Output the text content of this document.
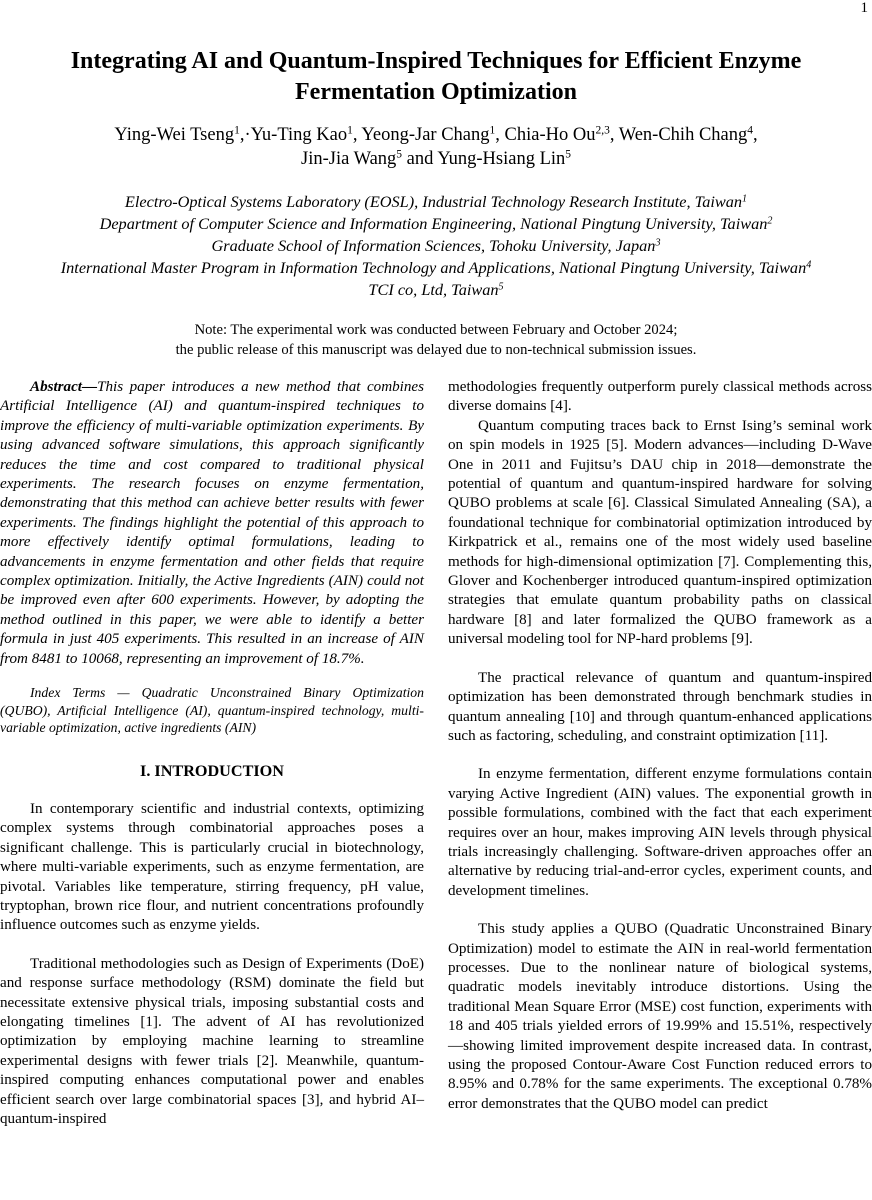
1
Integrating AI and Quantum-Inspired Techniques for Efficient Enzyme Fermentation Optimization
Ying-Wei Tseng$^1$,·Yu-Ting Kao$^1$, Yeong-Jar Chang$^1$, Chia-Ho Ou$^{2,3}$, Wen-Chih Chang$^4$,
Jin-Jia Wang$^5$ and Yung-Hsiang Lin$^5$
Electro-Optical Systems Laboratory (EOSL), Industrial Technology Research Institute, Taiwan$^1$
Department of Computer Science and Information Engineering, National Pingtung University, Taiwan$^2$
Graduate School of Information Sciences, Tohoku University, Japan$^3$
International Master Program in Information Technology and Applications, National Pingtung University, Taiwan$^4$
TCI co, Ltd, Taiwan$^5$
Note: The experimental work was conducted between February and October 2024;
the public release of this manuscript was delayed due to non-technical submission issues.

Abstract—This paper introduces a new method that combines Artificial Intelligence (AI) and quantum-inspired techniques to improve the efficiency of multi-variable optimization experiments. By using advanced software simulations, this approach significantly reduces the time and cost compared to traditional physical experiments. The research focuses on enzyme fermentation, demonstrating that this method can achieve better results with fewer experiments. The findings highlight the potential of this approach to more effectively identify optimal formulations, leading to advancements in enzyme fermentation and other fields that require complex optimization. Initially, the Active Ingredients (AIN) could not be improved even after 600 experiments. However, by adopting the method outlined in this paper, we were able to identify a better formula in just 405 experiments. This resulted in an increase of AIN from 8481 to 10068, representing an improvement of 18.7%.

Index Terms — Quadratic Unconstrained Binary Optimization (QUBO), Artificial Intelligence (AI), quantum-inspired technology, multi-variable optimization, active ingredients (AIN)

I. INTRODUCTION

In contemporary scientific and industrial contexts, optimizing complex systems through combinatorial approaches poses a significant challenge. This is particularly crucial in biotechnology, where multi-variable experiments, such as enzyme fermentation, are pivotal. Variables like temperature, stirring frequency, pH value, tryptophan, brown rice flour, and nutrient concentrations profoundly influence outcomes such as enzyme yields.

Traditional methodologies such as Design of Experiments (DoE) and response surface methodology (RSM) dominate the field but necessitate extensive physical trials, imposing substantial costs and elongating timelines [1]. The advent of AI has revolutionized optimization by employing machine learning to streamline experimental designs with fewer trials [2]. Meanwhile, quantum-inspired computing enhances computational power and enables efficient search over large combinatorial spaces [3], and hybrid AI–quantum-inspired

methodologies frequently outperform purely classical methods across diverse domains [4].

Quantum computing traces back to Ernst Ising’s seminal work on spin models in 1925 [5]. Modern advances—including D-Wave One in 2011 and Fujitsu’s DAU chip in 2018—demonstrate the potential of quantum and quantum-inspired hardware for solving QUBO problems at scale [6]. Classical Simulated Annealing (SA), a foundational technique for combinatorial optimization introduced by Kirkpatrick et al., remains one of the most widely used baseline methods for high-dimensional optimization [7]. Complementing this, Glover and Kochenberger introduced quantum-inspired optimization strategies that emulate quantum probability paths on classical hardware [8] and later formalized the QUBO framework as a universal modeling tool for NP-hard problems [9].

The practical relevance of quantum and quantum-inspired optimization has been demonstrated through benchmark studies in quantum annealing [10] and through quantum-enhanced applications such as factoring, scheduling, and constraint optimization [11].

In enzyme fermentation, different enzyme formulations contain varying Active Ingredient (AIN) values. The exponential growth in possible formulations, combined with the fact that each experiment requires over an hour, makes improving AIN levels through physical trials increasingly challenging. Software-driven approaches offer an alternative by reducing trial-and-error cycles, experiment counts, and development timelines.

This study applies a QUBO (Quadratic Unconstrained Binary Optimization) model to estimate the AIN in real-world fermentation processes. Due to the nonlinear nature of biological systems, quadratic models inevitably introduce distortions. Using the traditional Mean Square Error (MSE) cost function, experiments with 18 and 405 trials yielded errors of 19.99% and 15.51%, respectively—showing limited improvement despite increased data. In contrast, using the proposed Contour-Aware Cost Function reduced errors to 8.95% and 0.78% for the same experiments. The exceptional 0.78% error demonstrates that the QUBO model can predict
